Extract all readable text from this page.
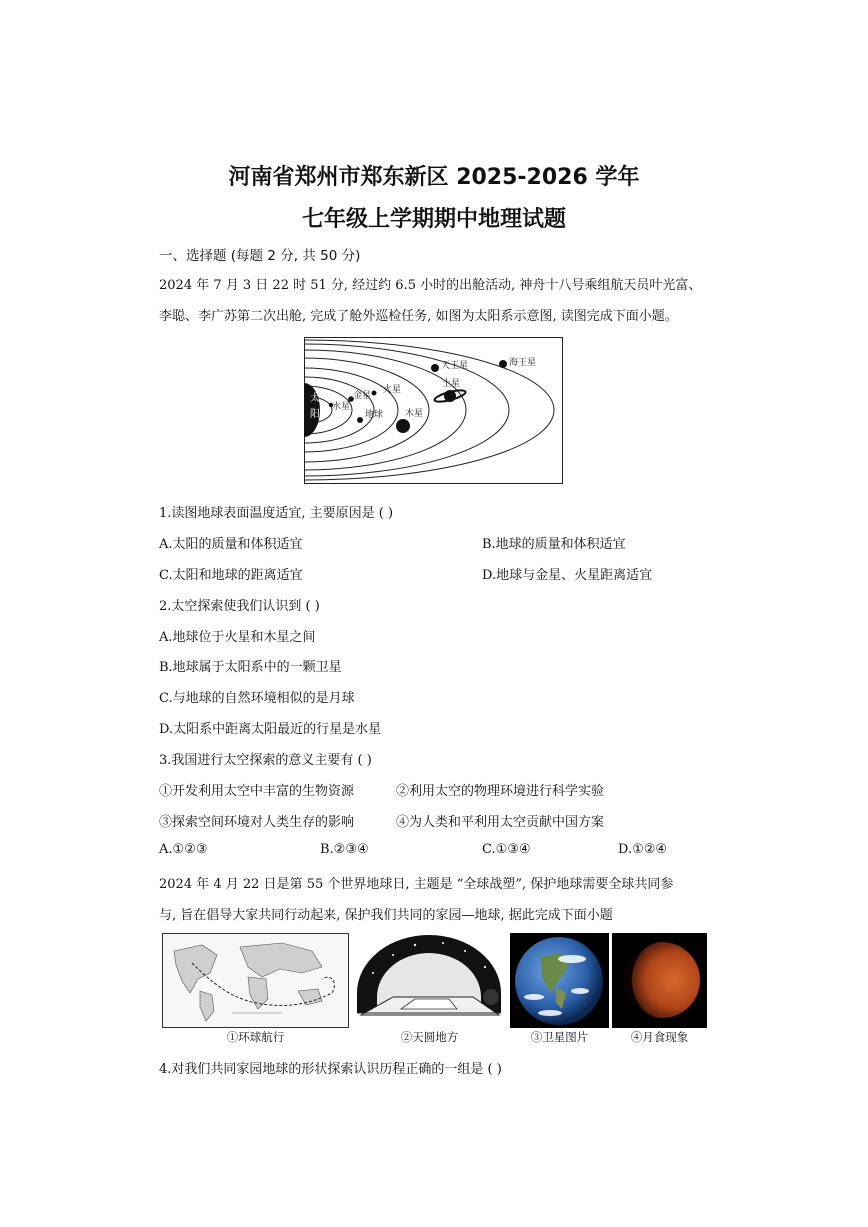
河南省郑州市郑东新区 2025-2026 学年
七年级上学期期中地理试题
一、选择题 (每题 2 分, 共 50 分)
2024 年 7 月 3 日 22 时 51 分, 经过约 6.5 小时的出舱活动, 神舟十八号乘组航天员叶光富、
李聪、李广苏第二次出舱, 完成了舱外巡检任务, 如图为太阳系示意图, 读图完成下面小题。
太
阳
水星
金星
地球
火星
木星
土星
天王星	海王星
1.读图地球表面温度适宜, 主要原因是 ( )
A.太阳的质量和体积适宜	B.地球的质量和体积适宜
C.太阳和地球的距离适宜	D.地球与金星、火星距离适宜
2.太空探索使我们认识到 ( )
A.地球位于火星和木星之间
B.地球属于太阳系中的一颗卫星
C.与地球的自然环境相似的是月球
D.太阳系中距离太阳最近的行星是水星
3.我国进行太空探索的意义主要有 ( )
①开发利用太空中丰富的生物资源	②利用太空的物理环境进行科学实验
③探索空间环境对人类生存的影响	④为人类和平利用太空贡献中国方案
A.①②③	B.②③④	C.①③④	D.①②④
2024 年 4 月 22 日是第 55 个世界地球日, 主题是 “全球战塑”, 保护地球需要全球共同参
与, 旨在倡导大家共同行动起来, 保护我们共同的家园—地球, 据此完成下面小题
①环球航行	②天圆地方	③卫星图片	④月食现象
4.对我们共同家园地球的形状探索认识历程正确的一组是 ( )
